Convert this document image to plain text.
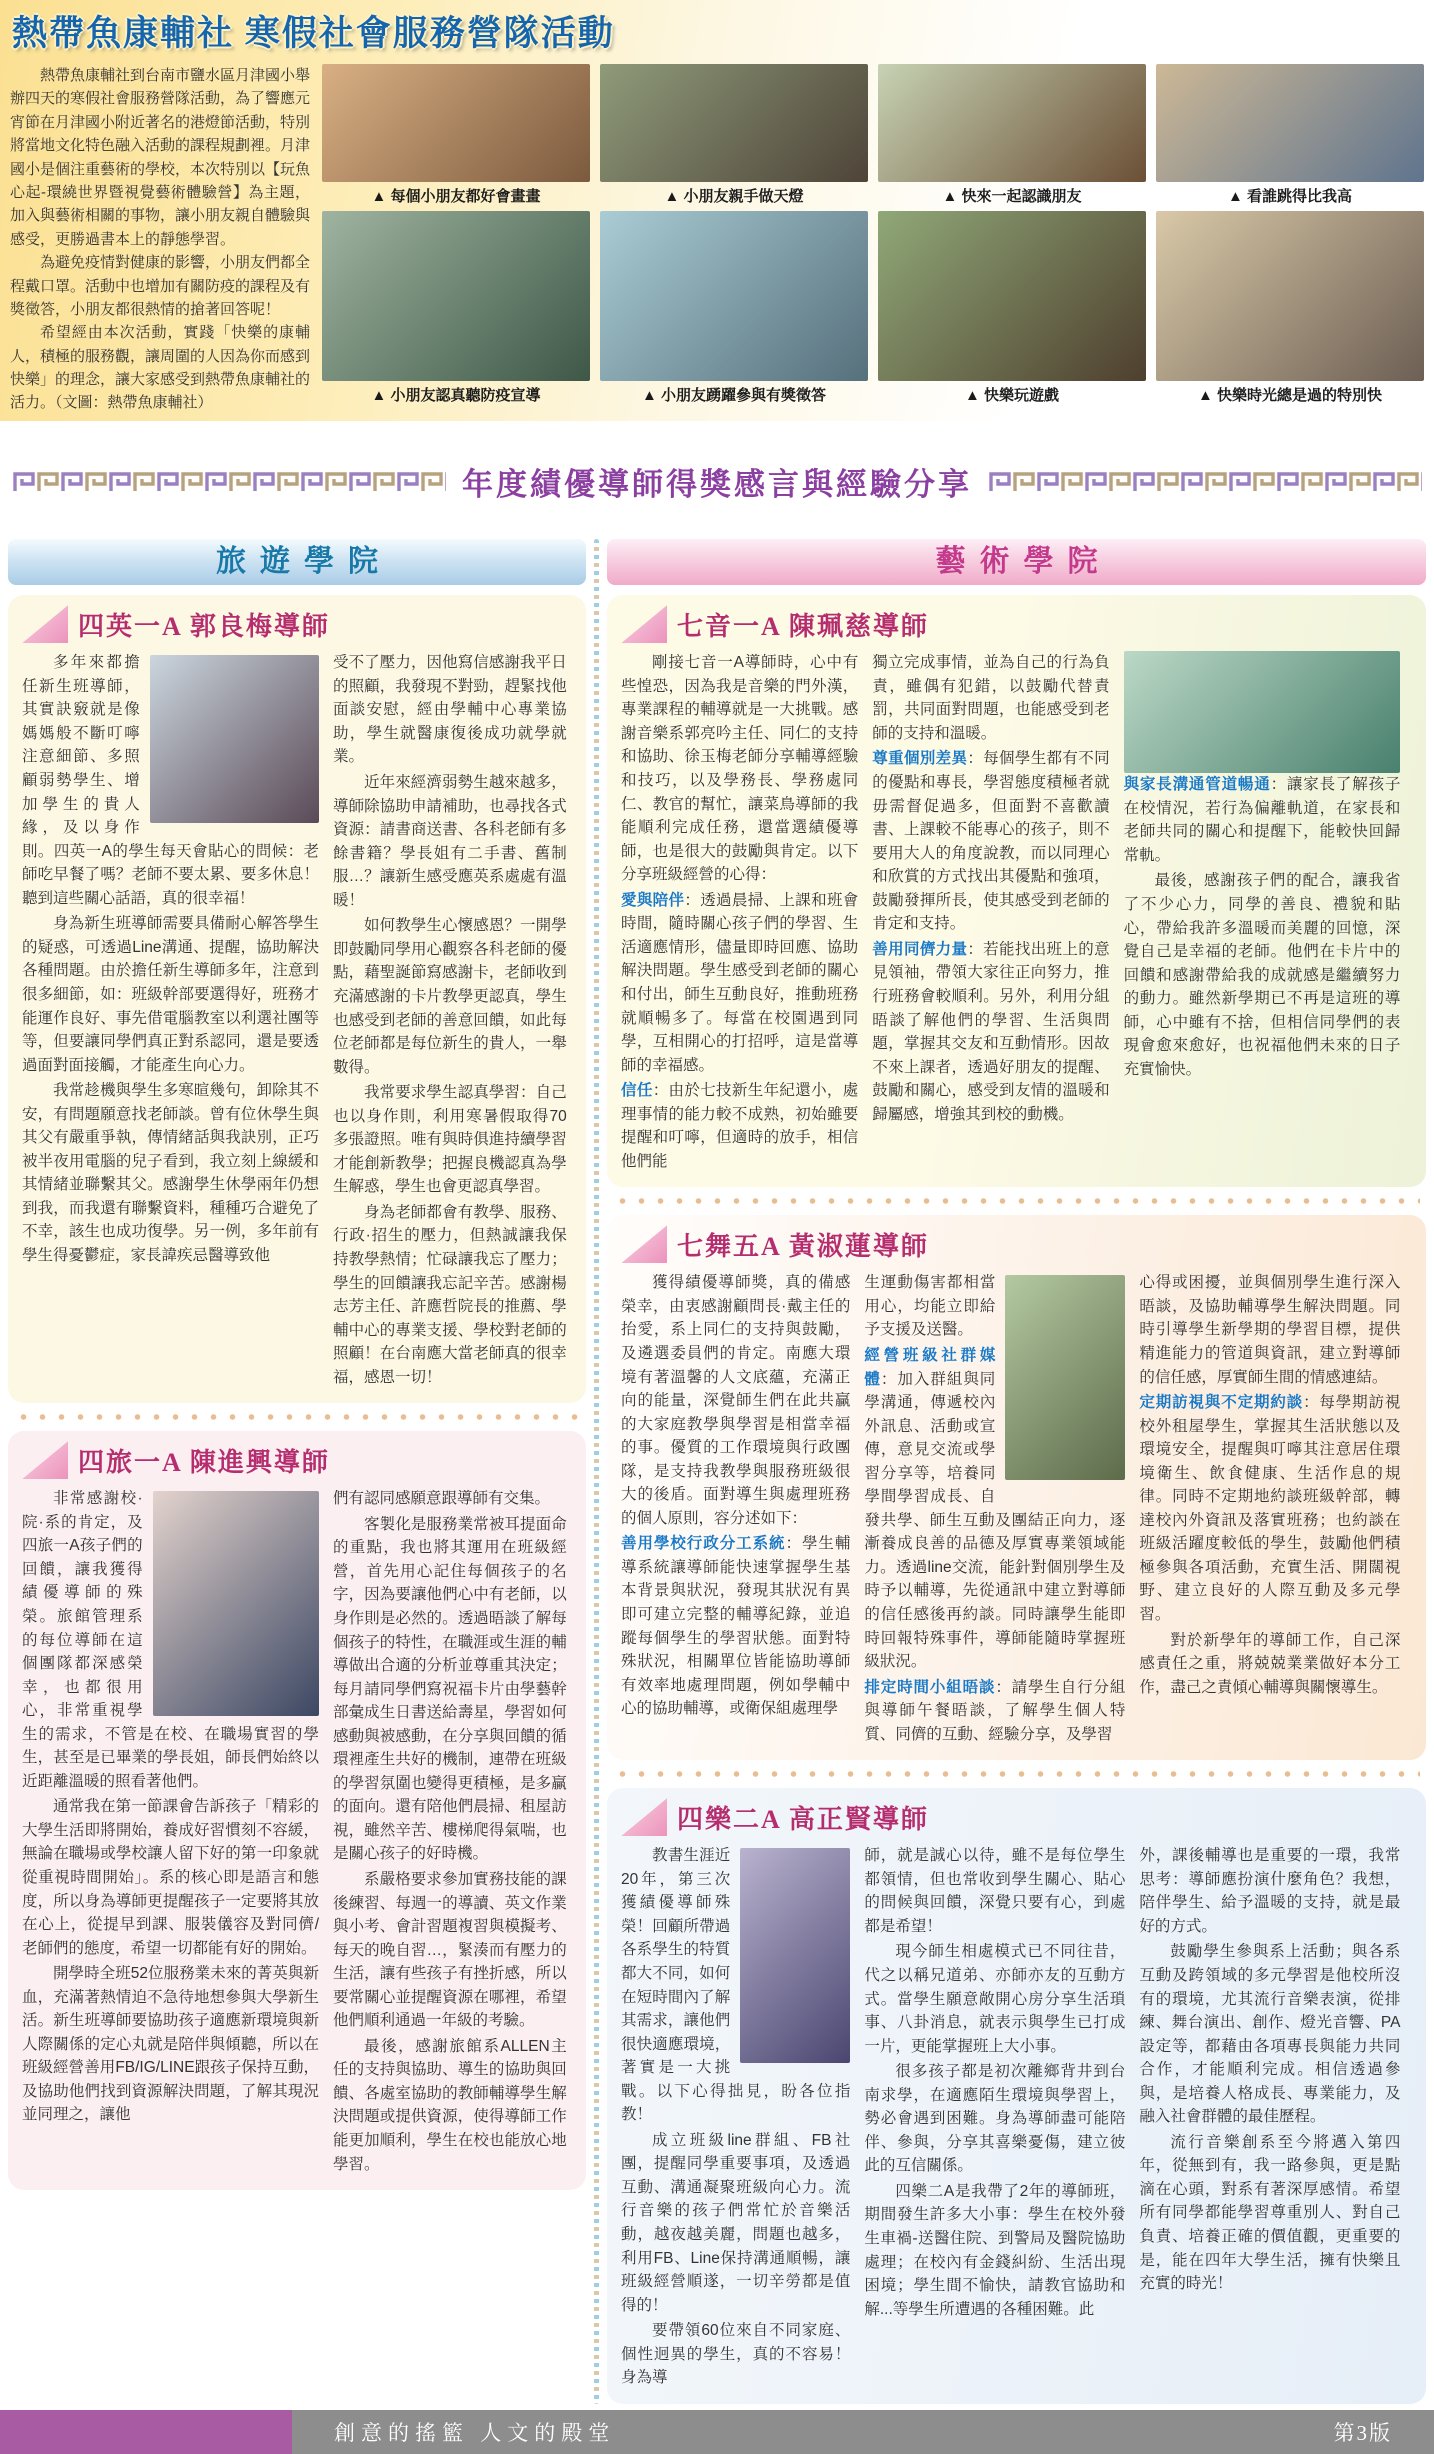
熱帶魚康輔社 寒假社會服務營隊活動

熱帶魚康輔社到台南市鹽水區月津國小舉辦四天的寒假社會服務營隊活動，為了響應元宵節在月津國小附近著名的港燈節活動，特別將當地文化特色融入活動的課程規劃裡。月津國小是個注重藝術的學校，本次特別以【玩魚心起-環繞世界暨視覺藝術體驗營】為主題，加入與藝術相關的事物，讓小朋友親自體驗與感受，更勝過書本上的靜態學習。

為避免疫情對健康的影響，小朋友們都全程戴口罩。活動中也增加有關防疫的課程及有獎徵答，小朋友都很熱情的搶著回答呢！

希望經由本次活動，實踐「快樂的康輔人，積極的服務觀，讓周圍的人因為你而感到快樂」的理念，讓大家感受到熱帶魚康輔社的活力。（文圖：熱帶魚康輔社）

▲ 每個小朋友都好會畫畫	▲ 小朋友親手做天燈	▲ 快來一起認識朋友	▲ 看誰跳得比我高
▲ 小朋友認真聽防疫宣導	▲ 小朋友踴躍參與有獎徵答	▲ 快樂玩遊戲	▲ 快樂時光總是過的特別快
年度績優導師得獎感言與經驗分享
旅遊學院
四英一A 郭良梅導師

多年來都擔任新生班導師，其實訣竅就是像媽媽般不斷叮嚀注意細節、多照顧弱勢學生、增加學生的貴人緣，及以身作則。四英一A的學生每天會貼心的問候：老師吃早餐了嗎？老師不要太累、要多休息！聽到這些關心話語，真的很幸福！

身為新生班導師需要具備耐心解答學生的疑惑，可透過Line溝通、提醒，協助解決各種問題。由於擔任新生導師多年，注意到很多細節，如：班級幹部要選得好，班務才能運作良好、事先借電腦教室以利選社團等等，但要讓同學們真正對系認同，還是要透過面對面接觸，才能產生向心力。

我常趁機與學生多寒暄幾句，卸除其不安，有問題願意找老師談。曾有位休學生與其父有嚴重爭執，傳情緒話與我訣別，正巧被半夜用電腦的兒子看到，我立刻上線緩和其情緒並聯繫其父。感謝學生休學兩年仍想到我，而我還有聯繫資料，種種巧合避免了不幸，該生也成功復學。另一例，多年前有學生得憂鬱症，家長諱疾忌醫導致他

受不了壓力，因他寫信感謝我平日的照顧，我發現不對勁，趕緊找他面談安慰，經由學輔中心專業協助，學生就醫康復後成功就學就業。

近年來經濟弱勢生越來越多，導師除協助申請補助，也尋找各式資源：請書商送書、各科老師有多餘書籍？學長姐有二手書、舊制服…？讓新生感受應英系處處有溫暖！

如何教學生心懷感恩？一開學即鼓勵同學用心觀察各科老師的優點，藉聖誕節寫感謝卡，老師收到充滿感謝的卡片教學更認真，學生也感受到老師的善意回饋，如此每位老師都是每位新生的貴人，一舉數得。

我常要求學生認真學習：自己也以身作則，利用寒暑假取得70多張證照。唯有與時俱進持續學習才能創新教學；把握良機認真為學生解惑，學生也會更認真學習。

身為老師都會有教學、服務、行政·招生的壓力，但熱誠讓我保持教學熱情；忙碌讓我忘了壓力；學生的回饋讓我忘記辛苦。感謝楊志芳主任、許應哲院長的推薦、學輔中心的專業支援、學校對老師的照顧！在台南應大當老師真的很幸福，感恩一切！

四旅一A 陳進興導師

非常感謝校·院·系的肯定，及四旅一A孩子們的回饋，讓我獲得績優導師的殊榮。旅館管理系的每位導師在這個團隊都深感榮幸，也都很用心，非常重視學生的需求，不管是在校、在職場實習的學生，甚至是已畢業的學長姐，師長們始終以近距離溫暖的照看著他們。

通常我在第一節課會告訴孩子「精彩的大學生活即將開始，養成好習慣刻不容緩，無論在職場或學校讓人留下好的第一印象就從重視時間開始」。系的核心即是語言和態度，所以身為導師更提醒孩子一定要將其放在心上，從提早到課、服裝儀容及對同儕/老師們的態度，希望一切都能有好的開始。

開學時全班52位服務業未來的菁英與新血，充滿著熱情迫不急待地想參與大學新生活。新生班導師要協助孩子適應新環境與新人際關係的定心丸就是陪伴與傾聽，所以在班級經營善用FB/IG/LINE跟孩子保持互動，及協助他們找到資源解決問題，了解其現況並同理之，讓他

們有認同感願意跟導師有交集。

客製化是服務業常被耳提面命的重點，我也將其運用在班級經營，首先用心記住每個孩子的名字，因為要讓他們心中有老師，以身作則是必然的。透過晤談了解每個孩子的特性，在職涯或生涯的輔導做出合適的分析並尊重其決定；每月請同學們寫祝福卡片由學藝幹部彙成生日書送給壽星，學習如何感動與被感動，在分享與回饋的循環裡產生共好的機制，連帶在班級的學習氛圍也變得更積極，是多贏的面向。還有陪他們晨掃、租屋訪視，雖然辛苦、樓梯爬得氣喘，也是關心孩子的好時機。

系嚴格要求參加實務技能的課後練習、每週一的導讀、英文作業與小考、會計習題複習與模擬考、每天的晚自習…，緊湊而有壓力的生活，讓有些孩子有挫折感，所以要常關心並提醒資源在哪裡，希望他們順利通過一年級的考驗。

最後，感謝旅館系ALLEN主任的支持與協助、導生的協助與回饋、各處室協助的教師輔導學生解決問題或提供資源，使得導師工作能更加順利，學生在校也能放心地學習。

藝術學院
七音一A 陳珮慈導師

剛接七音一A導師時，心中有些惶恐，因為我是音樂的門外漢，專業課程的輔導就是一大挑戰。感謝音樂系郭亮吟主任、同仁的支持和協助、徐玉梅老師分享輔導經驗和技巧，以及學務長、學務處同仁、教官的幫忙，讓菜鳥導師的我能順利完成任務，還當選績優導師，也是很大的鼓勵與肯定。以下分享班級經營的心得：

愛與陪伴：透過晨掃、上課和班會時間，隨時關心孩子們的學習、生活適應情形，儘量即時回應、協助解決問題。學生感受到老師的關心和付出，師生互動良好，推動班務就順暢多了。每當在校園遇到同學，互相開心的打招呼，這是當導師的幸福感。

信任：由於七技新生年紀還小，處理事情的能力較不成熟，初始雖要提醒和叮嚀，但適時的放手，相信他們能

獨立完成事情，並為自己的行為負責，雖偶有犯錯，以鼓勵代替責罰，共同面對問題，也能感受到老師的支持和溫暖。

尊重個別差異：每個學生都有不同的優點和專長，學習態度積極者就毋需督促過多，但面對不喜歡讀書、上課較不能專心的孩子，則不要用大人的角度說教，而以同理心和欣賞的方式找出其優點和強項，鼓勵發揮所長，使其感受到老師的肯定和支持。

善用同儕力量：若能找出班上的意見領袖，帶領大家往正向努力，推行班務會較順利。另外，利用分組晤談了解他們的學習、生活與問題，掌握其交友和互動情形。因故不來上課者，透過好朋友的提醒、鼓勵和關心，感受到友情的溫暖和歸屬感，增強其到校的動機。

與家長溝通管道暢通：讓家長了解孩子在校情況，若行為偏離軌道，在家長和老師共同的關心和提醒下，能較快回歸常軌。

最後，感謝孩子們的配合，讓我省了不少心力，同學的善良、禮貌和貼心，帶給我許多溫暖而美麗的回憶，深覺自己是幸福的老師。他們在卡片中的回饋和感謝帶給我的成就感是繼續努力的動力。雖然新學期已不再是這班的導師，心中雖有不捨，但相信同學們的表現會愈來愈好，也祝福他們未來的日子充實愉快。

七舞五A 黃淑蓮導師

獲得績優導師獎，真的備感榮幸，由衷感謝顧問長·戴主任的抬愛，系上同仁的支持與鼓勵，及遴選委員們的肯定。南應大環境有著溫馨的人文底蘊，充滿正向的能量，深覺師生們在此共贏的大家庭教學與學習是相當幸福的事。優質的工作環境與行政團隊，是支持我教學與服務班級很大的後盾。面對導生與處理班務的個人原則，容分述如下：

善用學校行政分工系統：學生輔導系統讓導師能快速掌握學生基本背景與狀況，發現其狀況有異即可建立完整的輔導紀錄，並追蹤每個學生的學習狀態。面對特殊狀況，相關單位皆能協助導師有效率地處理問題，例如學輔中心的協助輔導，或衛保組處理學

生運動傷害都相當用心，均能立即給予支援及送醫。

經營班級社群媒體：加入群組與同學溝通，傳遞校內外訊息、活動或宣傳，意見交流或學習分享等，培養同學間學習成長、自發共學、師生互動及團結正向力，逐漸養成良善的品德及厚實專業領域能力。透過line交流，能針對個別學生及時予以輔導，先從通訊中建立對導師的信任感後再約談。同時讓學生能即時回報特殊事件，導師能隨時掌握班級狀況。

排定時間小組晤談：請學生自行分組與導師午餐晤談，了解學生個人特質、同儕的互動、經驗分享，及學習

心得或困擾，並與個別學生進行深入晤談，及協助輔導學生解決問題。同時引導學生新學期的學習目標，提供精進能力的管道與資訊，建立對導師的信任感，厚實師生間的情感連結。

定期訪視與不定期約談：每學期訪視校外租屋學生，掌握其生活狀態以及環境安全，提醒與叮嚀其注意居住環境衛生、飲食健康、生活作息的規律。同時不定期地約談班級幹部，轉達校內外資訊及落實班務；也約談在班級活躍度較低的學生，鼓勵他們積極參與各項活動，充實生活、開闊視野、建立良好的人際互動及多元學習。

對於新學年的導師工作，自己深感責任之重，將兢兢業業做好本分工作，盡己之責傾心輔導與關懷導生。

四樂二A 高正賢導師

教書生涯近20年，第三次獲績優導師殊榮！回顧所帶過各系學生的特質都大不同，如何在短時間內了解其需求，讓他們很快適應環境，著實是一大挑戰。以下心得拙見，盼各位指教！

成立班級line群組、FB社團，提醒同學重要事項，及透過互動、溝通凝聚班級向心力。流行音樂的孩子們常忙於音樂活動，越夜越美麗，問題也越多，利用FB、Line保持溝通順暢，讓班級經營順遂，一切辛勞都是值得的！

要帶領60位來自不同家庭、個性迥異的學生，真的不容易！身為導

師，就是誠心以待，雖不是每位學生都領情，但也常收到學生關心、貼心的問候與回饋，深覺只要有心，到處都是希望！

現今師生相處模式已不同往昔，代之以稱兄道弟、亦師亦友的互動方式。當學生願意敞開心房分享生活瑣事、八卦消息，就表示與學生已打成一片，更能掌握班上大小事。

很多孩子都是初次離鄉背井到台南求學，在適應陌生環境與學習上，勢必會遇到困難。身為導師盡可能陪伴、參與，分享其喜樂憂傷，建立彼此的互信關係。

四樂二A是我帶了2年的導師班，期間發生許多大小事：學生在校外發生車禍-送醫住院、到警局及醫院協助處理；在校內有金錢糾紛、生活出現困境；學生間不愉快，請教官協助和解...等學生所遭遇的各種困難。此

外，課後輔導也是重要的一環，我常思考：導師應扮演什麼角色？我想，陪伴學生、給予溫暖的支持，就是最好的方式。

鼓勵學生參與系上活動；與各系互動及跨領域的多元學習是他校所沒有的環境，尤其流行音樂表演，從排練、舞台演出、創作、燈光音響、PA設定等，都藉由各項專長與能力共同合作，才能順利完成。相信透過參與，是培養人格成長、專業能力，及融入社會群體的最佳歷程。

流行音樂創系至今將邁入第四年，從無到有，我一路參與，更是點滴在心頭，對系有著深厚感情。希望所有同學都能學習尊重別人、對自己負責、培養正確的價值觀，更重要的是，能在四年大學生活，擁有快樂且充實的時光！

創意的搖籃 人文的殿堂	第3版
